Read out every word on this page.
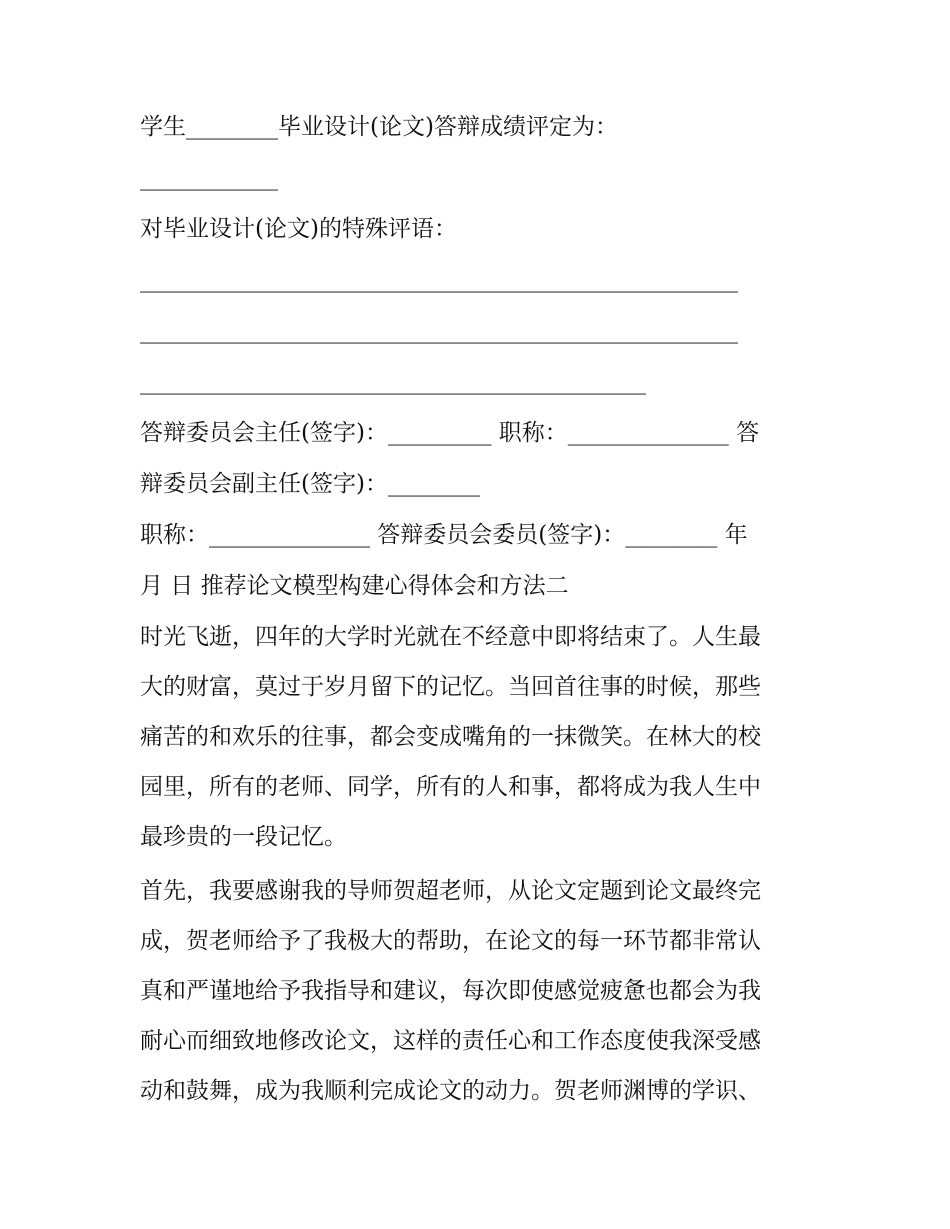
学生________毕业设计(论文)答辩成绩评定为：
____________
对毕业设计(论文)的特殊评语：
____________________________________________________
____________________________________________________
____________________________________________
答辩委员会主任(签字)：_________ 职称：______________ 答
辩委员会副主任(签字)：________
职称：______________ 答辩委员会委员(签字)：________ 年
月 日 推荐论文模型构建心得体会和方法二
时光飞逝，四年的大学时光就在不经意中即将结束了。人生最
大的财富，莫过于岁月留下的记忆。当回首往事的时候，那些
痛苦的和欢乐的往事，都会变成嘴角的一抹微笑。在林大的校
园里，所有的老师、同学，所有的人和事，都将成为我人生中
最珍贵的一段记忆。
首先，我要感谢我的导师贺超老师，从论文定题到论文最终完
成，贺老师给予了我极大的帮助，在论文的每一环节都非常认
真和严谨地给予我指导和建议，每次即使感觉疲惫也都会为我
耐心而细致地修改论文，这样的责任心和工作态度使我深受感
动和鼓舞，成为我顺利完成论文的动力。贺老师渊博的学识、
